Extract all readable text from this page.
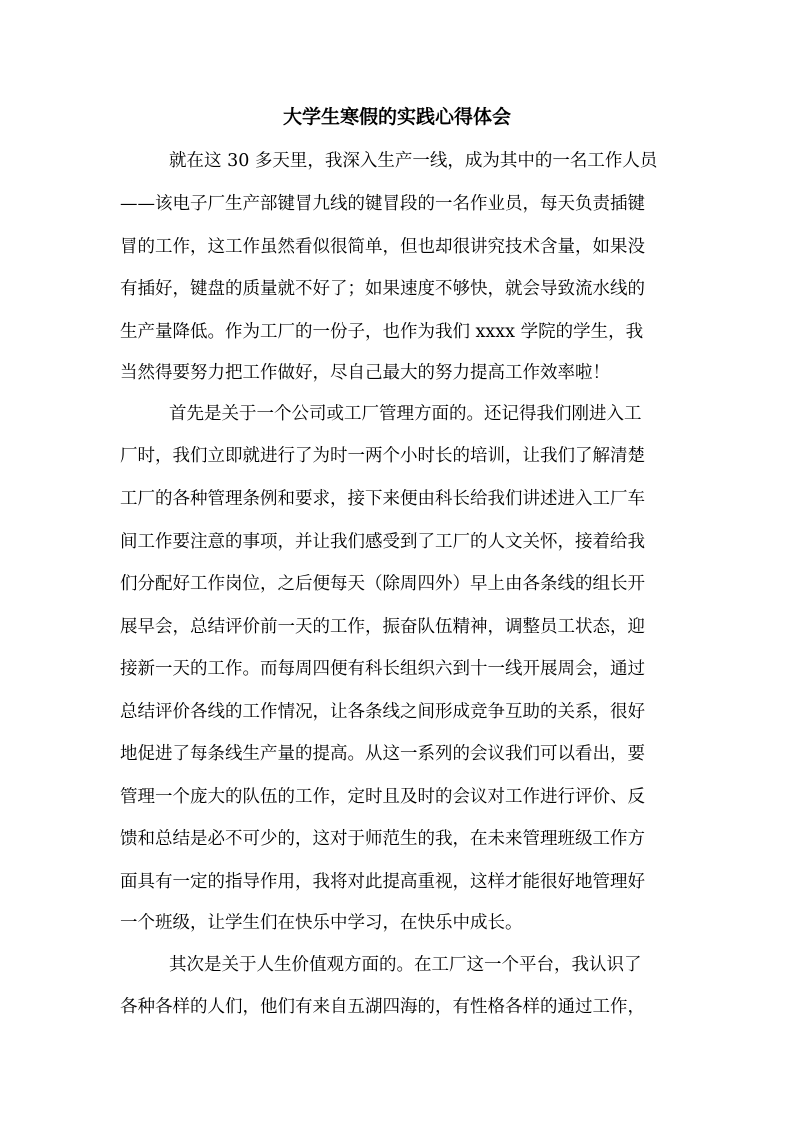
大学生寒假的实践心得体会

就在这 30 多天里，我深入生产一线，成为其中的一名工作人员

——该电子厂生产部键冒九线的键冒段的一名作业员，每天负责插键

冒的工作，这工作虽然看似很简单，但也却很讲究技术含量，如果没

有插好，键盘的质量就不好了；如果速度不够快，就会导致流水线的

生产量降低。作为工厂的一份子，也作为我们 xxxx 学院的学生，我

当然得要努力把工作做好，尽自己最大的努力提高工作效率啦！

首先是关于一个公司或工厂管理方面的。还记得我们刚进入工

厂时，我们立即就进行了为时一两个小时长的培训，让我们了解清楚

工厂的各种管理条例和要求，接下来便由科长给我们讲述进入工厂车

间工作要注意的事项，并让我们感受到了工厂的人文关怀，接着给我

们分配好工作岗位，之后便每天（除周四外）早上由各条线的组长开

展早会，总结评价前一天的工作，振奋队伍精神，调整员工状态，迎

接新一天的工作。而每周四便有科长组织六到十一线开展周会，通过

总结评价各线的工作情况，让各条线之间形成竞争互助的关系，很好

地促进了每条线生产量的提高。从这一系列的会议我们可以看出，要

管理一个庞大的队伍的工作，定时且及时的会议对工作进行评价、反

馈和总结是必不可少的，这对于师范生的我，在未来管理班级工作方

面具有一定的指导作用，我将对此提高重视，这样才能很好地管理好

一个班级，让学生们在快乐中学习，在快乐中成长。

其次是关于人生价值观方面的。在工厂这一个平台，我认识了

各种各样的人们，他们有来自五湖四海的，有性格各样的通过工作，
